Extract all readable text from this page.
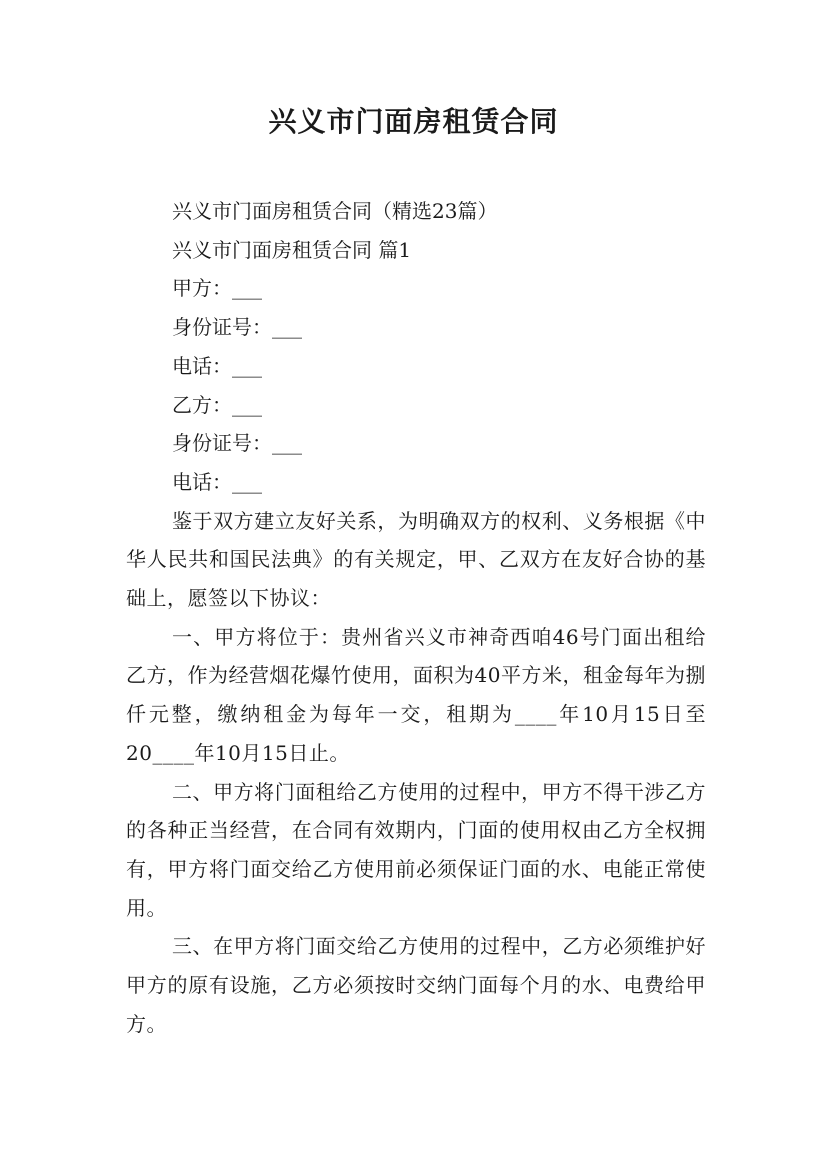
兴义市门面房租赁合同
兴义市门面房租赁合同（精选23篇）
兴义市门面房租赁合同 篇1
甲方：___
身份证号：___
电话：___
乙方：___
身份证号：___
电话：___
鉴于双方建立友好关系，为明确双方的权利、义务根据《中华人民共和国民法典》的有关规定，甲、乙双方在友好合协的基础上，愿签以下协议：
一、甲方将位于：贵州省兴义市神奇西咱46号门面出租给乙方，作为经营烟花爆竹使用，面积为40平方米，租金每年为捌仟元整，缴纳租金为每年一交，租期为____年10月15日至20____年10月15日止。
二、甲方将门面租给乙方使用的过程中，甲方不得干涉乙方的各种正当经营，在合同有效期内，门面的使用权由乙方全权拥有，甲方将门面交给乙方使用前必须保证门面的水、电能正常使用。
三、在甲方将门面交给乙方使用的过程中，乙方必须维护好甲方的原有设施，乙方必须按时交纳门面每个月的水、电费给甲方。
